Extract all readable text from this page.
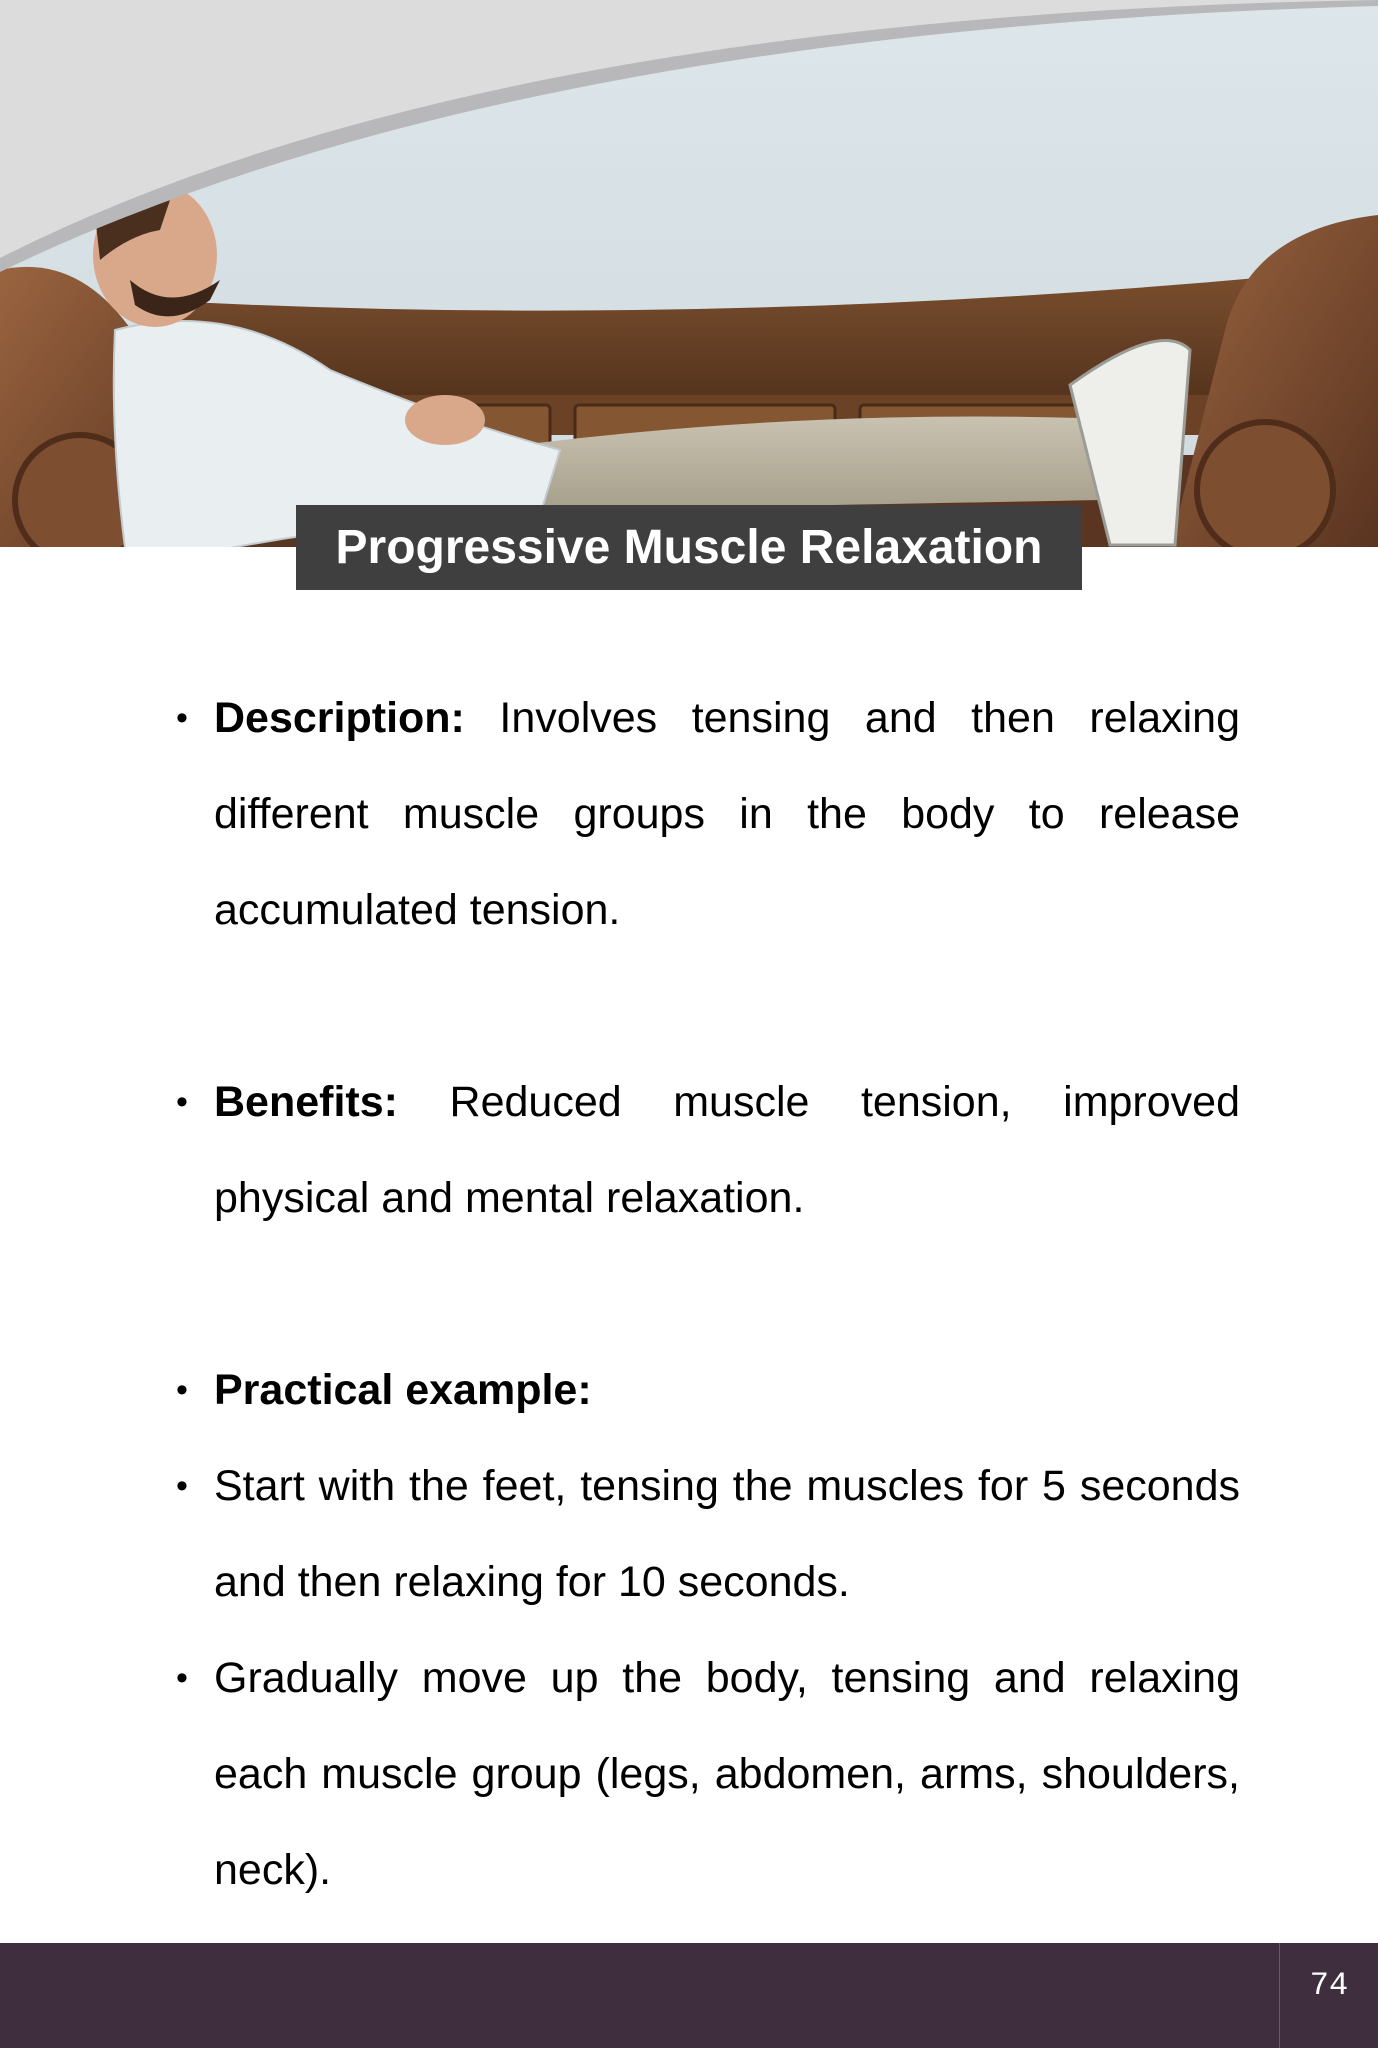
Progressive Muscle Relaxation
• Description: Involves tensing and then relaxing different muscle groups in the body to release accumulated tension.
• Benefits: Reduced muscle tension, improved physical and mental relaxation.
• Practical example:
• Start with the feet, tensing the muscles for 5 seconds and then relaxing for 10 seconds.
• Gradually move up the body, tensing and relaxing each muscle group (legs, abdomen, arms, shoulders, neck).
74
